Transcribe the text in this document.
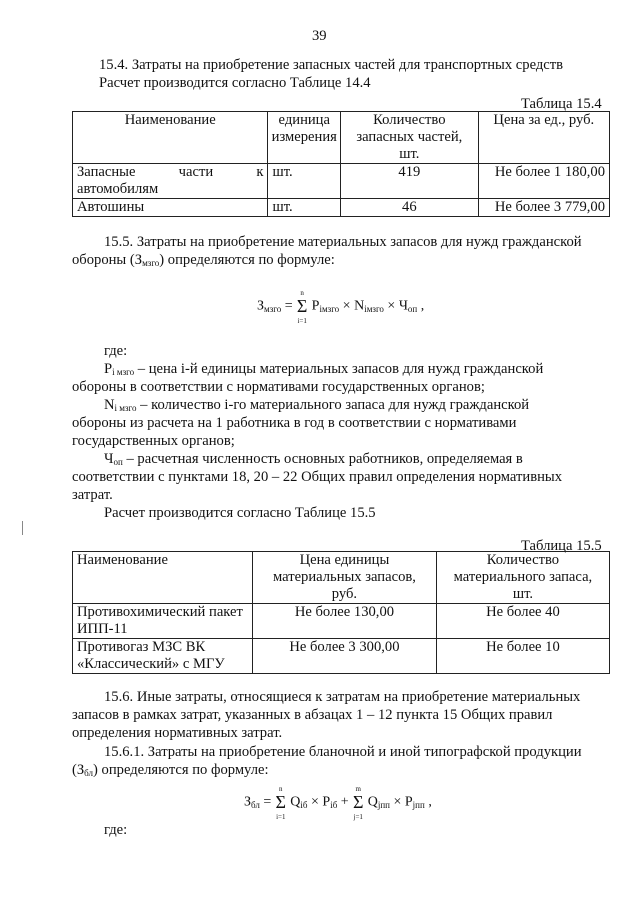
39
15.4. Затраты на приобретение запасных частей для транспортных средств
Расчет производится согласно Таблице 14.4
Таблица 15.4
Наименование	единица измерения	Количество запасных частей, шт.	Цена за ед., руб.

Запасные части к
автомобилям	шт.	419	Не более 1 180,00
Автошины	шт.	46	Не более 3 779,00
15.5. Затраты на приобретение материальных запасов для нужд гражданской
обороны (Змзго) определяются по формуле:
Змзго = Σ
n
i=1
Piмзго × Niмзго × Чоп ,
где:
Pi мзго – цена i-й единицы материальных запасов для нужд гражданской
обороны в соответствии с нормативами государственных органов;
Ni мзго – количество i-го материального запаса для нужд гражданской
обороны из расчета на 1 работника в год в соответствии с нормативами
государственных органов;
Чоп – расчетная численность основных работников, определяемая в
соответствии с пунктами 18, 20 – 22 Общих правил определения нормативных
затрат.
Расчет производится согласно Таблице 15.5
Таблица 15.5
Наименование	Цена единицы материальных запасов, руб.	Количество материального запаса, шт.

Противохимический пакет
ИПП-11	Не более 130,00	Не более 40

Противогаз МЗС ВК
«Классический» с МГУ	Не более 3 300,00	Не более 10
15.6. Иные затраты, относящиеся к затратам на приобретение материальных
запасов в рамках затрат, указанных в абзацах 1 – 12 пункта 15 Общих правил
определения нормативных затрат.
15.6.1. Затраты на приобретение бланочной и иной типографской продукции
(Збл) определяются по формуле:
Збл = Σ
n
i=1
Qiб × Piб + Σ
m
j=1
Qjпп × Pjпп ,
где:
